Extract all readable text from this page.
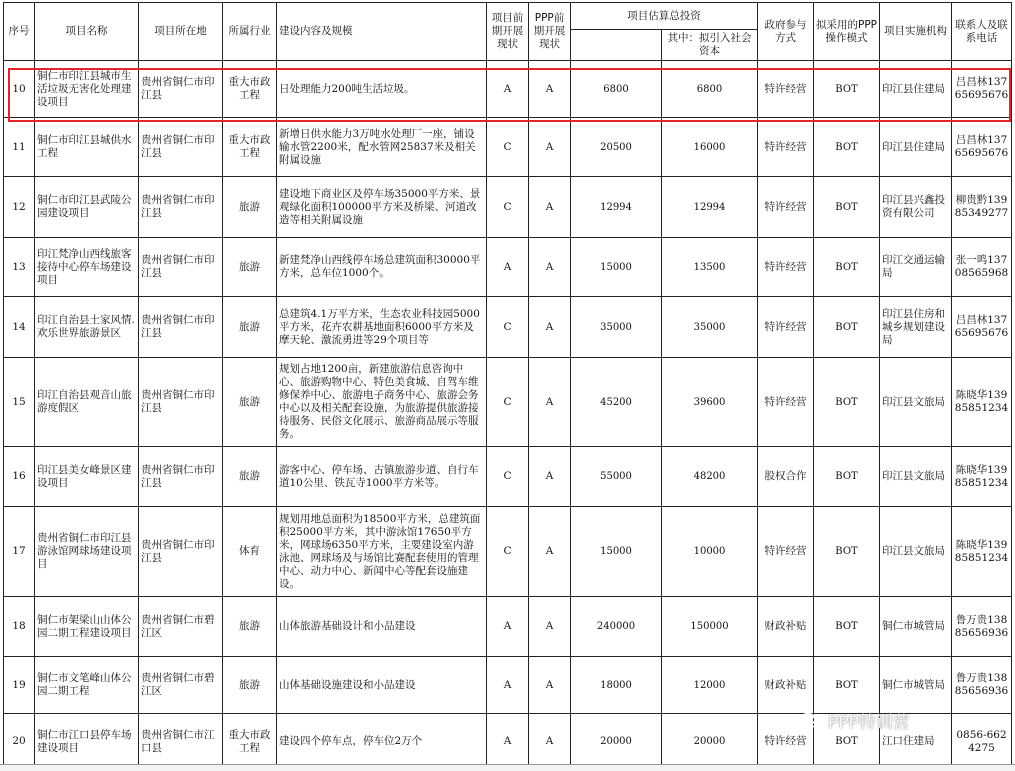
序号	项目名称	项目所在地	所属行业	建设内容及规模	项目前期开展现状	PPP前期开展现状	项目估算总投资		政府参与方式	拟采用的PPP操作模式	项目实施机构	联系人及联系电话
								其中：拟引入社会资本				
10	铜仁市印江县城市生活垃圾无害化处理建设项目	贵州省铜仁市印江县	重大市政工程	日处理能力200吨生活垃圾。	A	A	6800	6800	特许经营	BOT	印江县住建局	吕昌林13765695676
11	铜仁市印江县城供水工程	贵州省铜仁市印江县	重大市政工程	新增日供水能力3万吨水处理厂一座，铺设输水管2200米，配水管网25837米及相关附属设施	C	A	20500	16000	特许经营	BOT	印江县住建局	吕昌林13765695676
12	铜仁市印江县武陵公园建设项目	贵州省铜仁市印江县	旅游	建设地下商业区及停车场35000平方米、景观绿化面积100000平方米及桥梁、河道改造等相关附属设施	C	A	12994	12994	特许经营	BOT	印江县兴鑫投资有限公司	柳贵黔13985349277
13	印江梵净山西线旅客接待中心停车场建设项目	贵州省铜仁市印江县	旅游	新建梵净山西线停车场总建筑面积30000平方米，总车位1000个。	A	A	15000	13500	特许经营	BOT	印江交通运输局	张一鸣13708565968
14	印江自治县土家风情.欢乐世界旅游景区	贵州省铜仁市印江县	旅游	总建筑4.1万平方米，生态农业科技园5000平方米，花卉农耕基地面积6000平方米及摩天轮、激流勇进等29个项目等	C	A	35000	35000	特许经营	BOT	印江县住房和城乡规划建设局	吕昌林13765695676
15	印江自治县观音山旅游度假区	贵州省铜仁市印江县	旅游	规划占地1200亩，新建旅游信息咨询中心、旅游购物中心、特色美食城、自驾车维修保养中心、旅游电子商务中心、旅游会务中心以及相关配套设施，为旅游提供旅游接待服务、民俗文化展示、旅游商品展示等服务。	C	A	45200	39600	特许经营	BOT	印江县文旅局	陈晓华13985851234
16	印江县美女峰景区建设项目	贵州省铜仁市印江县	旅游	游客中心、停车场、古镇旅游步道、自行车道10公里、铁瓦寺1000平方米等。	C	A	55000	48200	股权合作	BOT	印江县文旅局	陈晓华13985851234
17	贵州省铜仁市印江县游泳馆网球场建设项目	贵州省铜仁市印江县	体育	规划用地总面积为18500平方米，总建筑面积25000平方米，其中游泳馆17650平方米，网球场6350平方米，主要建设室内游泳池、网球场及与场馆比赛配套使用的管理中心、动力中心、新闻中心等配套设施建设。	C	A	15000	10000	特许经营	BOT	印江县文旅局	陈晓华13985851234
18	铜仁市架梁山山体公园二期工程建设项目	贵州省铜仁市碧江区	旅游	山体旅游基础设计和小品建设	A	A	240000	150000	财政补贴	BOT	铜仁市城管局	鲁万贵13885656936
19	铜仁市文笔峰山体公园二期工程	贵州省铜仁市碧江区	旅游	山体基础设施建设和小品建设	A	A	18000	12000	财政补贴	BOT	铜仁市城管局	鲁万贵13885656936
20	铜仁市江口县停车场建设项目	贵州省铜仁市江口县	重大市政工程	建设四个停车点，停车位2万个	A	A	20000	20000	特许经营	BOT	江口住建局	0856-6624275
PPP特训营
